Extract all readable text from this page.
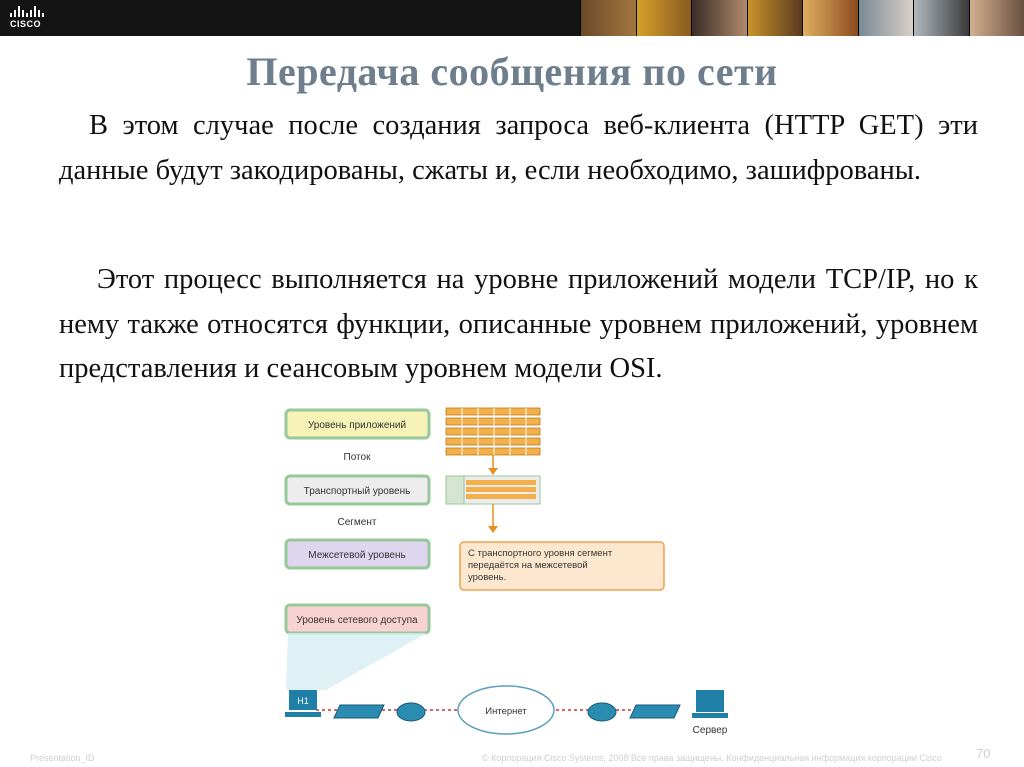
CISCO
Передача сообщения по сети

В этом случае после создания запроса веб-клиента (HTTP GET) эти данные будут закодированы, сжаты и, если необходимо, зашифрованы.

Этот процесс выполняется на уровне приложений модели TCP/IP, но к нему также относятся функции, описанные уровнем приложений, уровнем представления и сеансовым уровнем модели OSI.

Уровень приложений
Поток
Транспортный уровень
Сегмент
Межсетевой уровень
Уровень сетевого доступа
С транспортного уровня сегмент передаётся на межсетевой уровень.
H1
Интернет
Сервер
Presentation_ID	© Корпорация Cisco Systems, 2008 Все права защищены. Конфиденциальная информация корпорации Cisco	70
